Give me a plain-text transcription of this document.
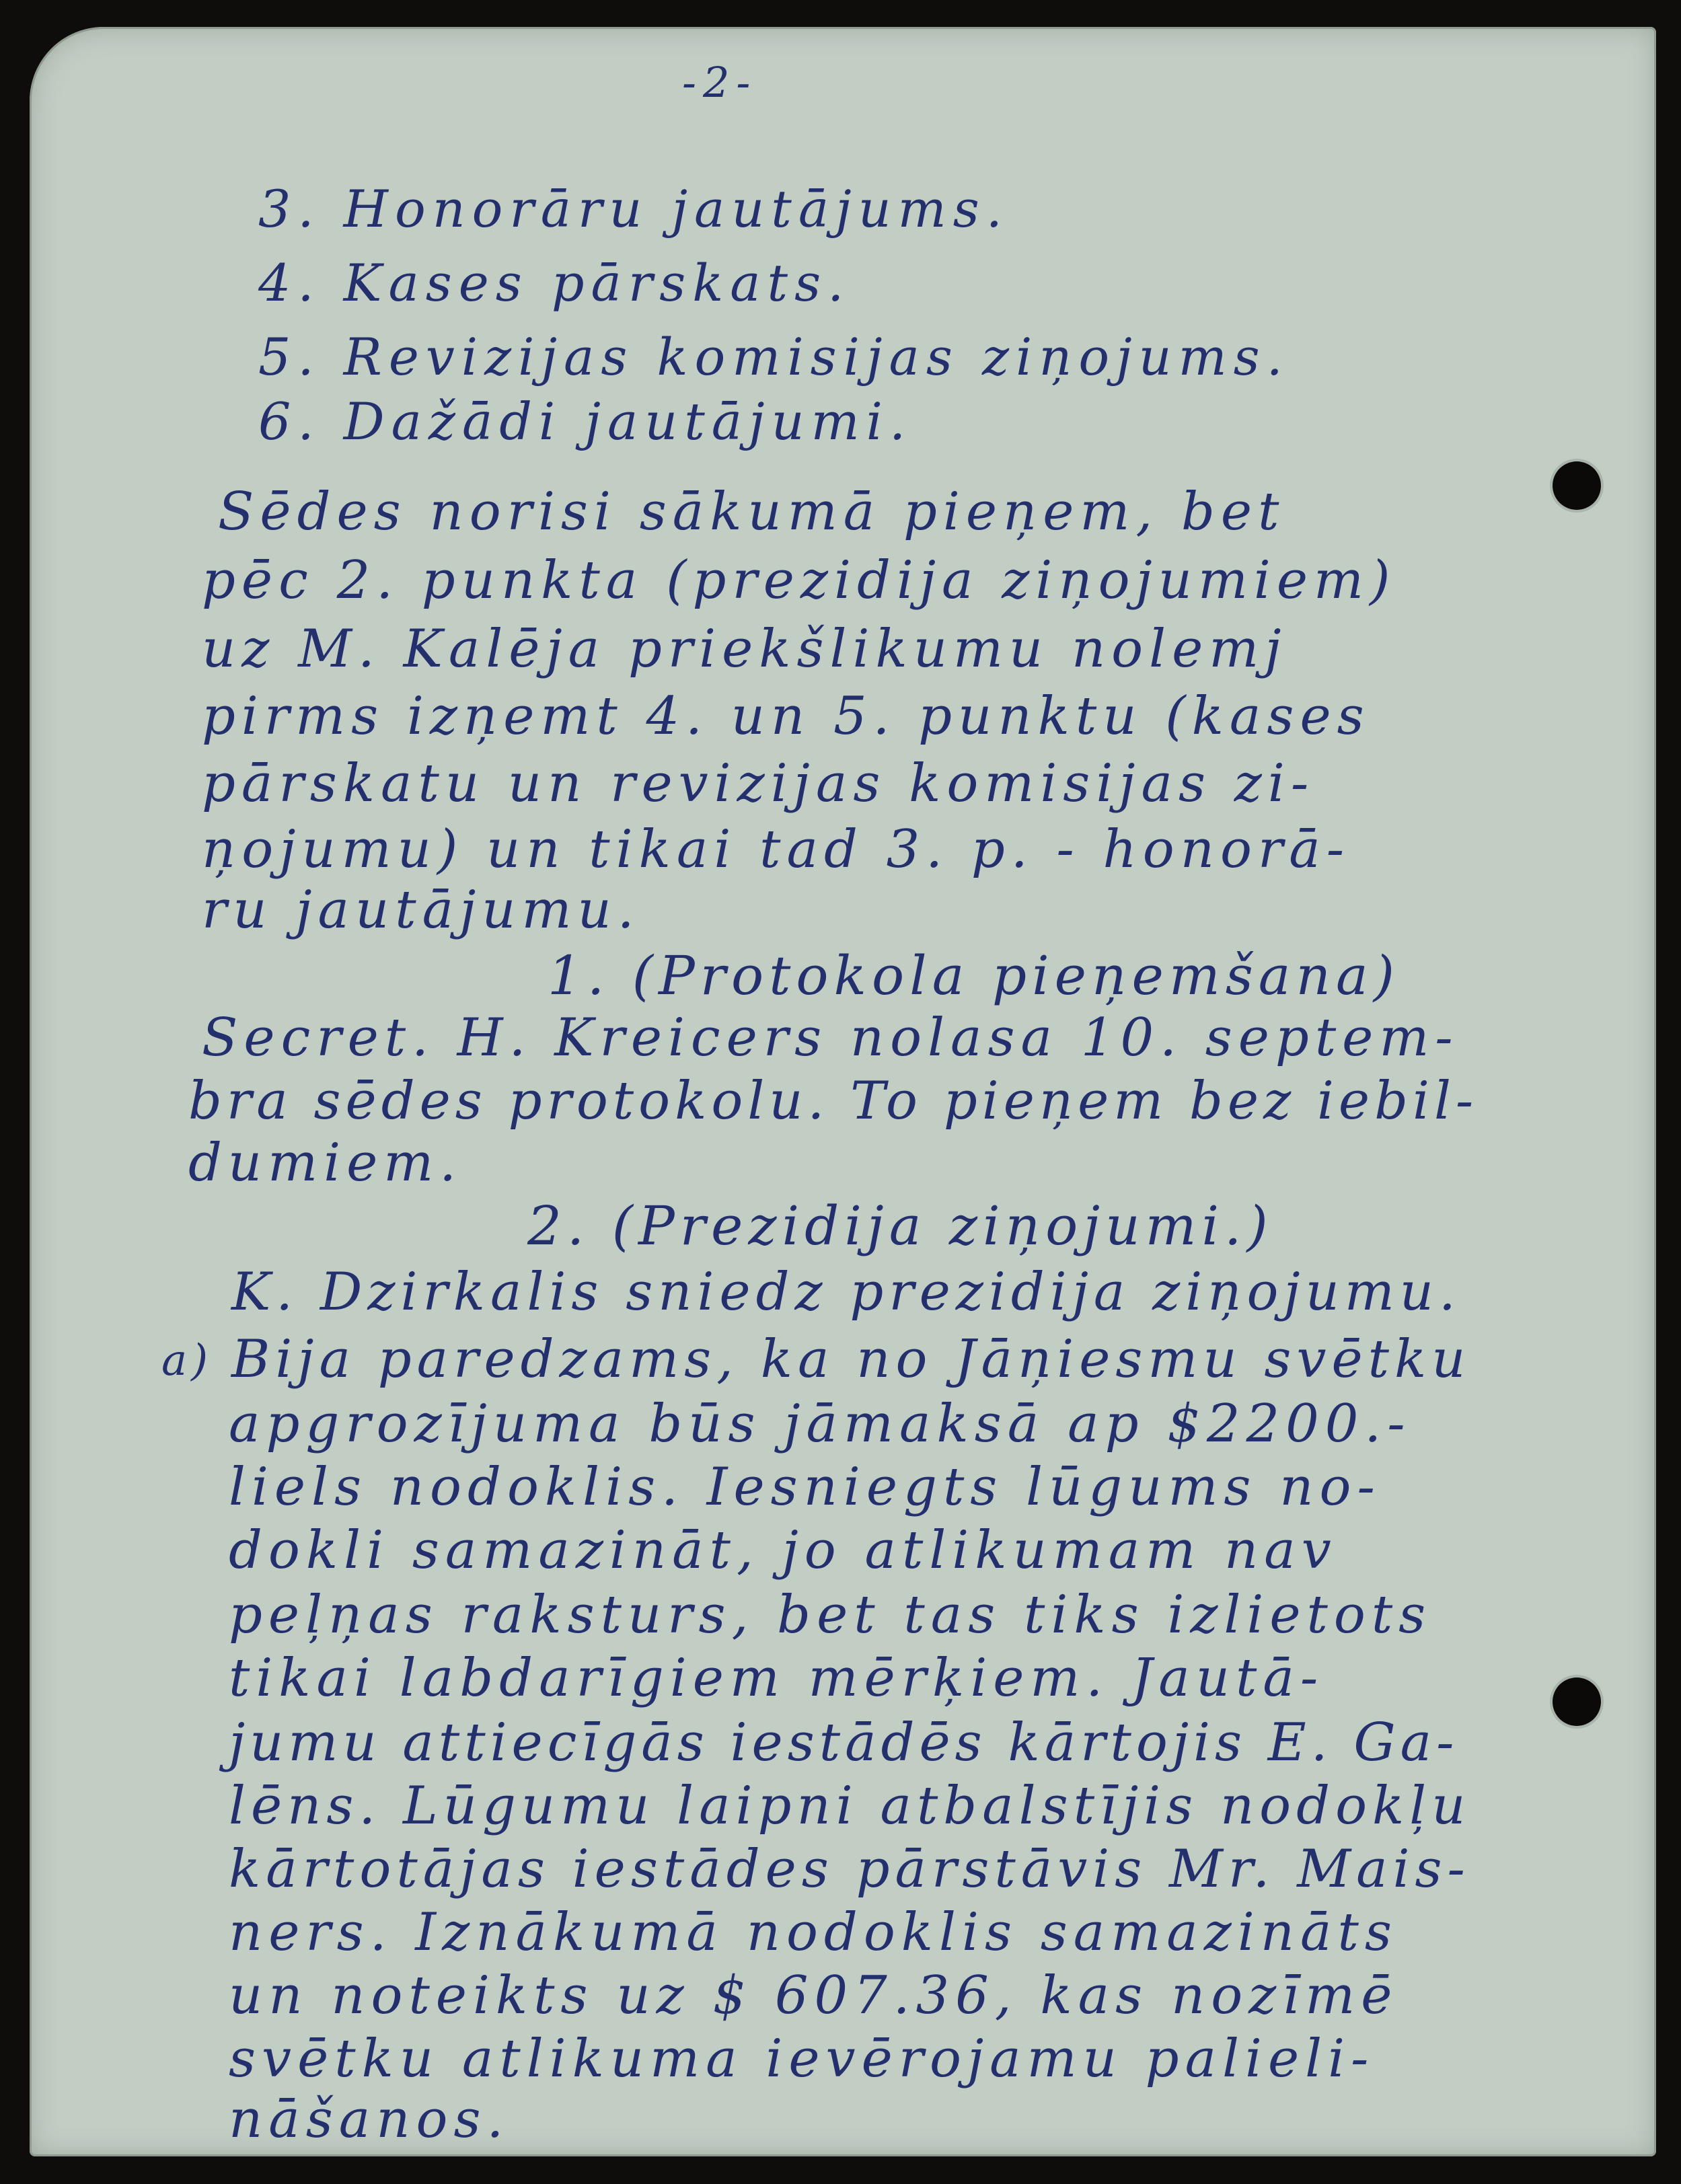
-2-
3. Honorāru jautājums.
4. Kases pārskats.
5. Revizijas komisijas ziņojums.
6. Dažādi jautājumi.
Sēdes norisi sākumā pieņem, bet
pēc 2. punkta (prezidija ziņojumiem)
uz M. Kalēja priekšlikumu nolemj
pirms izņemt 4. un 5. punktu (kases
pārskatu un revizijas komisijas zi-
ņojumu) un tikai tad 3. p. - honorā-
ru jautājumu.
1. (Protokola pieņemšana)
Secret. H. Kreicers nolasa 10. septem-
bra sēdes protokolu. To pieņem bez iebil-
dumiem.
2. (Prezidija ziņojumi.)
K. Dzirkalis sniedz prezidija ziņojumu.
a) Bija paredzams, ka no Jāņiesmu svētku
apgrozījuma būs jāmaksā ap $2200.-
liels nodoklis. Iesniegts lūgums no-
dokli samazināt, jo atlikumam nav
peļņas raksturs, bet tas tiks izlietots
tikai labdarīgiem mērķiem. Jautā-
jumu attiecīgās iestādēs kārtojis E. Ga-
lēns. Lūgumu laipni atbalstījis nodokļu
kārtotājas iestādes pārstāvis Mr. Mais-
ners. Iznākumā nodoklis samazināts
un noteikts uz $ 607.36, kas nozīmē
svētku atlikuma ievērojamu palieli-
nāšanos.
